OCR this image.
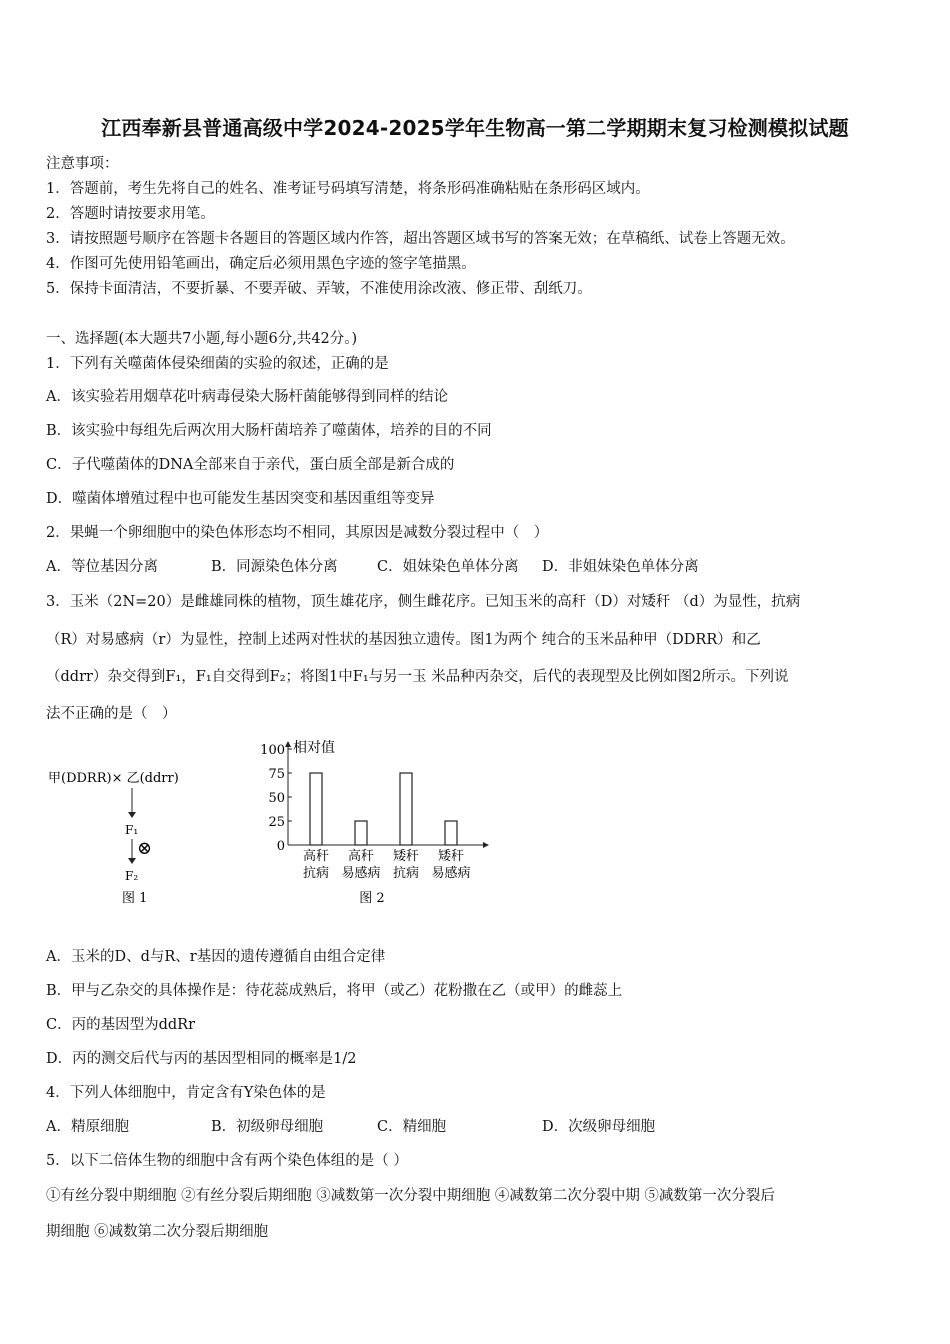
江西奉新县普通高级中学2024-2025学年生物高一第二学期期末复习检测模拟试题
注意事项：
1．答题前，考生先将自己的姓名、准考证号码填写清楚，将条形码准确粘贴在条形码区域内。
2．答题时请按要求用笔。
3．请按照题号顺序在答题卡各题目的答题区域内作答，超出答题区域书写的答案无效；在草稿纸、试卷上答题无效。
4．作图可先使用铅笔画出，确定后必须用黑色字迹的签字笔描黑。
5．保持卡面清洁，不要折暴、不要弄破、弄皱，不准使用涂改液、修正带、刮纸刀。
一、选择题(本大题共7小题,每小题6分,共42分。)
1．下列有关噬菌体侵染细菌的实验的叙述，正确的是
A．该实验若用烟草花叶病毒侵染大肠杆菌能够得到同样的结论
B．该实验中每组先后两次用大肠杆菌培养了噬菌体，培养的目的不同
C．子代噬菌体的DNA全部来自于亲代，蛋白质全部是新合成的
D．噬菌体增殖过程中也可能发生基因突变和基因重组等变异
2．果蝇一个卵细胞中的染色体形态均不相同，其原因是减数分裂过程中（　）
A．等位基因分离	B．同源染色体分离	C．姐妹染色单体分离 D．非姐妹染色单体分离
3．玉米（2N=20）是雌雄同株的植物，顶生雄花序，侧生雌花序。已知玉米的高秆（D）对矮秆 （d）为显性，抗病
（R）对易感病（r）为显性，控制上述两对性状的基因独立遗传。图1为两个 纯合的玉米品种甲（DDRR）和乙
（ddrr）杂交得到F₁，F₁自交得到F₂；将图1中F₁与另一玉 米品种丙杂交，后代的表现型及比例如图2所示。下列说
法不正确的是（　）
甲(DDRR)× 乙(ddrr)
F₁
⊗
F₂
图 1
相对值
0
25
50
75
100
高秆
抗病
高秆
易感病
矮秆
抗病
矮秆
易感病
图 2
A．玉米的D、d与R、r基因的遗传遵循自由组合定律
B．甲与乙杂交的具体操作是：待花蕊成熟后，将甲（或乙）花粉撒在乙（或甲）的雌蕊上
C．丙的基因型为ddRr
D．丙的测交后代与丙的基因型相同的概率是1/2
4．下列人体细胞中，肯定含有Y染色体的是
A．精原细胞	B．初级卵母细胞	C．精细胞	D．次级卵母细胞
5．以下二倍体生物的细胞中含有两个染色体组的是（ ）
①有丝分裂中期细胞 ②有丝分裂后期细胞 ③减数第一次分裂中期细胞 ④减数第二次分裂中期 ⑤减数第一次分裂后
期细胞 ⑥减数第二次分裂后期细胞
